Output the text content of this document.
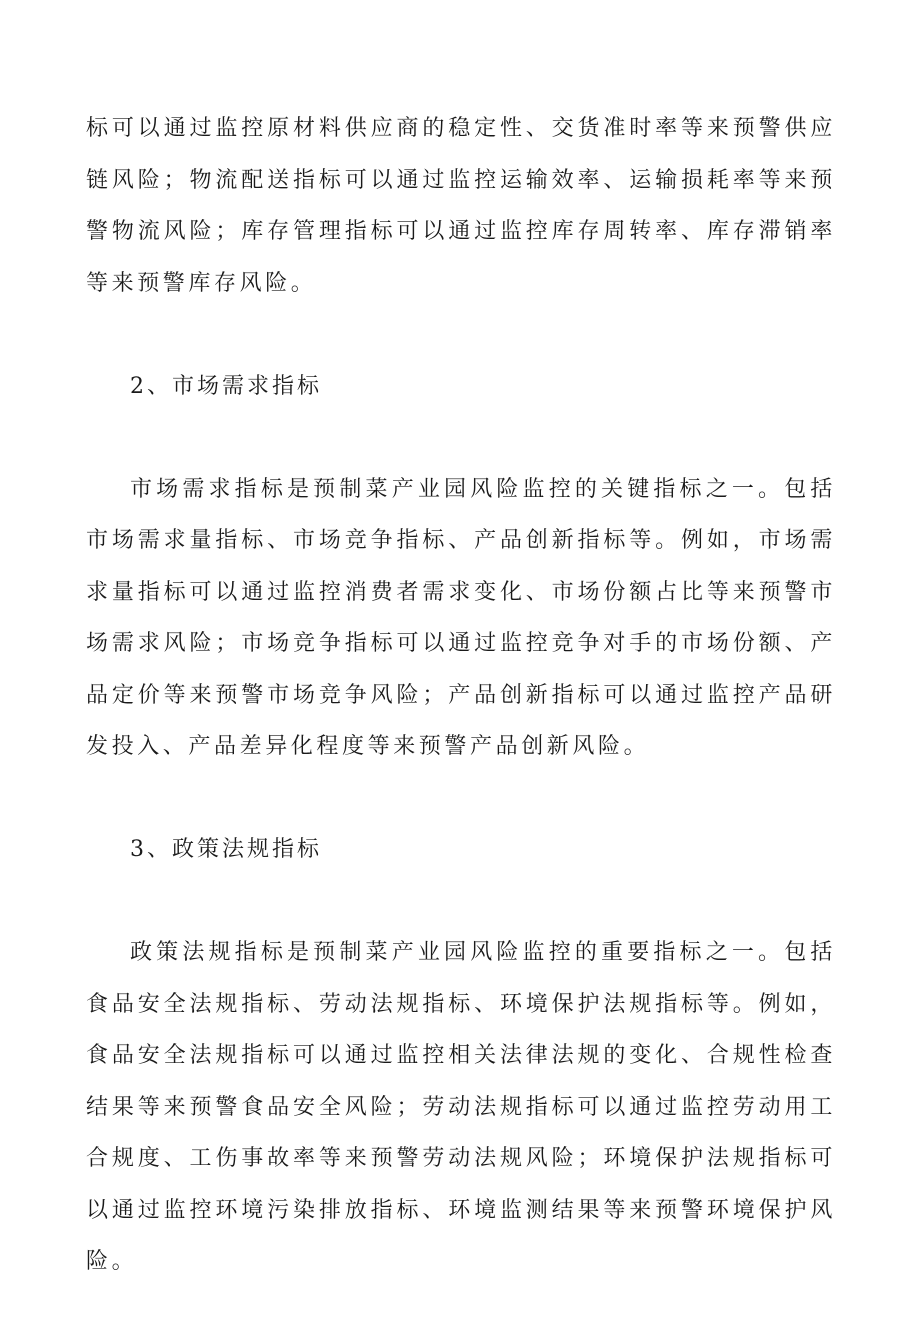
标可以通过监控原材料供应商的稳定性、交货准时率等来预警供应链风险；物流配送指标可以通过监控运输效率、运输损耗率等来预警物流风险；库存管理指标可以通过监控库存周转率、库存滞销率等来预警库存风险。

2、市场需求指标

市场需求指标是预制菜产业园风险监控的关键指标之一。包括市场需求量指标、市场竞争指标、产品创新指标等。例如，市场需求量指标可以通过监控消费者需求变化、市场份额占比等来预警市场需求风险；市场竞争指标可以通过监控竞争对手的市场份额、产品定价等来预警市场竞争风险；产品创新指标可以通过监控产品研发投入、产品差异化程度等来预警产品创新风险。

3、政策法规指标

政策法规指标是预制菜产业园风险监控的重要指标之一。包括食品安全法规指标、劳动法规指标、环境保护法规指标等。例如，食品安全法规指标可以通过监控相关法律法规的变化、合规性检查结果等来预警食品安全风险；劳动法规指标可以通过监控劳动用工合规度、工伤事故率等来预警劳动法规风险；环境保护法规指标可以通过监控环境污染排放指标、环境监测结果等来预警环境保护风险。
